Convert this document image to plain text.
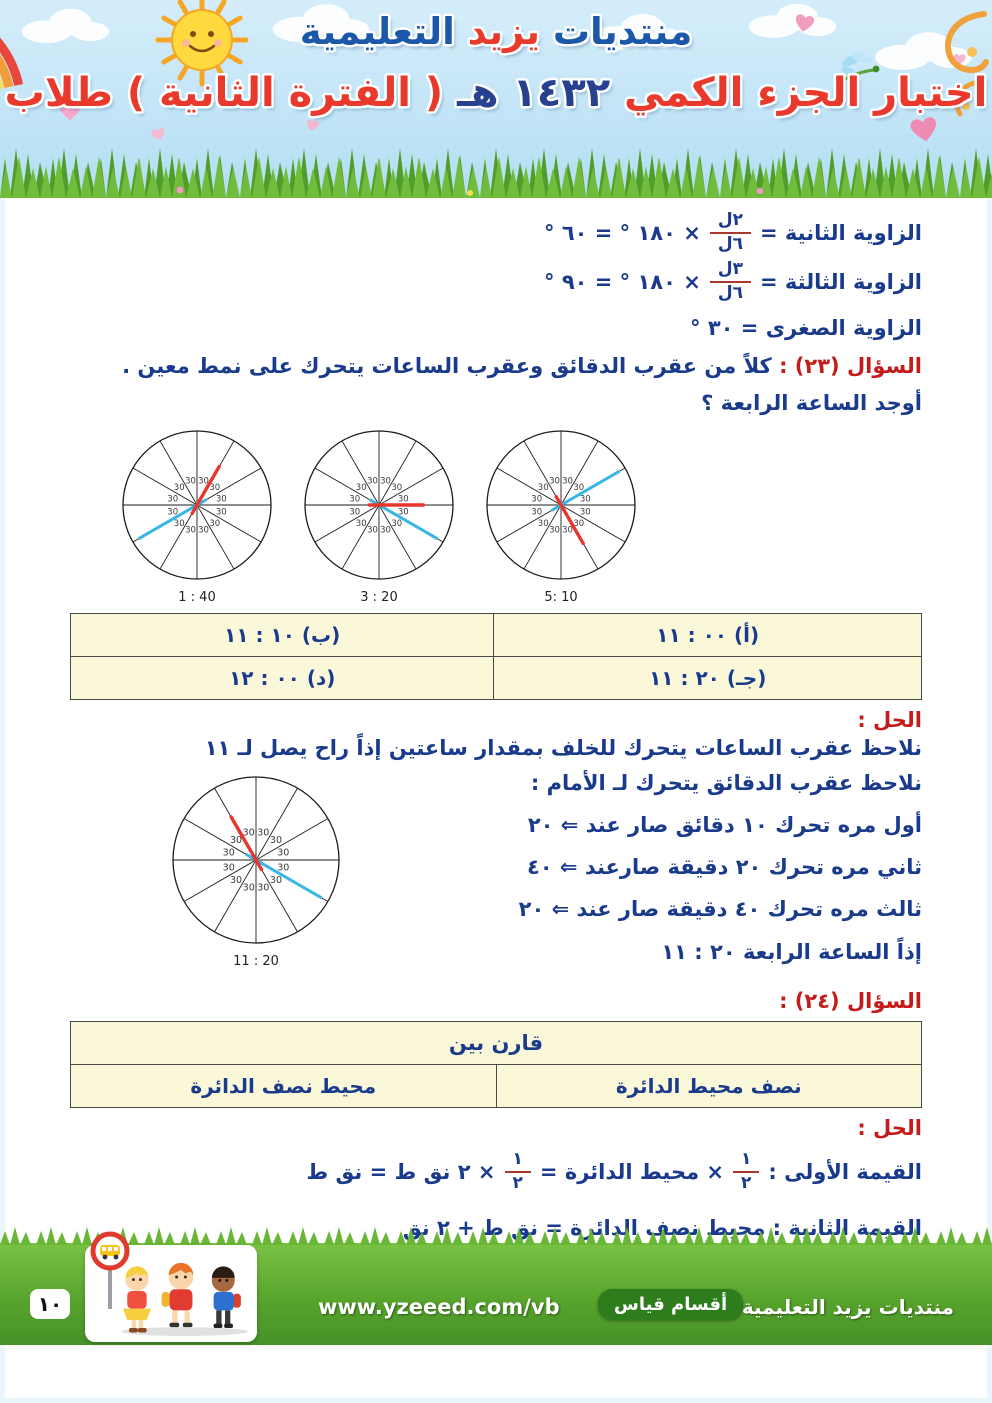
منتديات يزيد التعليمية
اختبار الجزء الكمي ١٤٣٢ هـ ( الفترة الثانية ) طلاب
الزاوية الثانية =
$\frac{\text{٢ل}}{\text{٦ل}}$
× ١٨٠ ° = ٦٠ °
الزاوية الثالثة =
$\frac{\text{٣ل}}{\text{٦ل}}$
× ١٨٠ ° = ٩٠ °
الزاوية الصغرى = ٣٠ °

السؤال (٢٣) : كلاً من عقرب الدقائق وعقرب الساعات يتحرك على نمط معين . أوجد الساعة الرابعة ؟

30
30
30
30
30
30
30
30
30
30
30
30
1 : 40
30
30
30
30
30
30
30
30
30
30
30
30
3 : 20
30
30
30
30
30
30
30
30
30
30
30
30
5: 10
(أ) ٠٠ : ١١	(ب) ١٠ : ١١
(جـ) ٢٠ : ١١	(د) ٠٠ : ١٢
الحل :

نلاحظ عقرب الساعات يتحرك للخلف بمقدار ساعتين إذاً راح يصل لـ ١١

نلاحظ عقرب الدقائق يتحرك لـ الأمام :
أول مره تحرك ١٠ دقائق صار عند ⇐ ٢٠
ثاني مره تحرك ٢٠ دقيقة صارعند ⇐ ٤٠
ثالث مره تحرك ٤٠ دقيقة صار عند ⇐ ٢٠
إذاً الساعة الرابعة ٢٠ : ١١
30
30
30
30
30
30
30
30
30
30
30
30
11 : 20
السؤال (٢٤) :
قارن بين
نصف محيط الدائرة	محيط نصف الدائرة
الحل :
القيمة الأولى :
$\frac{١}{٢}$
× محيط الدائرة =
$\frac{١}{٢}$
× ٢ نق ط = نق ط
١٠	www.yzeeed.com/vb	أقسام قياس منتديات يزيد التعليمية
